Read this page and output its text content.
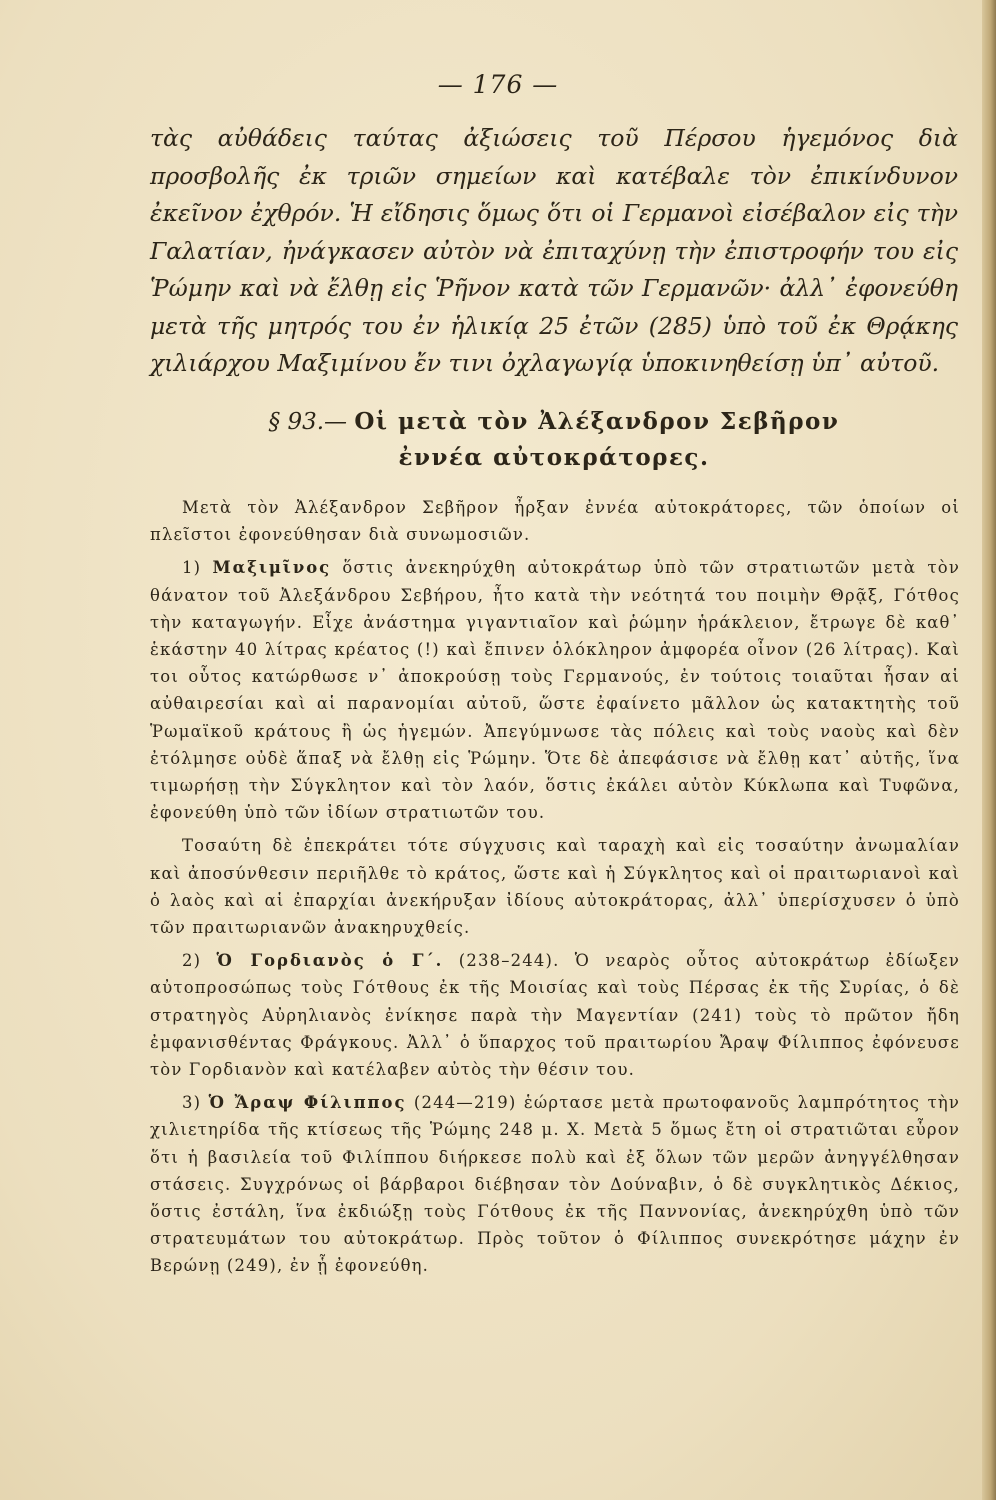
— 176 —

τὰς αὐθάδεις ταύτας ἀξιώσεις τοῦ Πέρσου ἡγεμόνος διὰ προσβολῆς ἐκ τριῶν σημείων καὶ κατέβαλε τὸν ἐπικίνδυνον ἐκεῖνον ἐχθρόν. Ἡ εἴδησις ὅμως ὅτι οἱ Γερμανοὶ εἰσέβαλον εἰς τὴν Γαλατίαν, ἠνάγκασεν αὐτὸν νὰ ἐπιταχύνῃ τὴν ἐπιστροφήν του εἰς Ῥώμην καὶ νὰ ἔλθῃ εἰς Ῥῆνον κατὰ τῶν Γερμανῶν· ἀλλ᾽ ἐφονεύθη μετὰ τῆς μητρός του ἐν ἡλικίᾳ 25 ἐτῶν (285) ὑπὸ τοῦ ἐκ Θρᾴκης χιλιάρχου Μαξιμίνου ἔν τινι ὀχλαγωγίᾳ ὑποκινηθείσῃ ὑπ᾽ αὐτοῦ.

§ 93.— Οἱ μετὰ τὸν Ἀλέξανδρον Σεβῆρον
ἐννέα αὐτοκράτορες.

Μετὰ τὸν Ἀλέξανδρον Σεβῆρον ἦρξαν ἐννέα αὐτοκράτορες, τῶν ὁποίων οἱ πλεῖστοι ἐφονεύθησαν διὰ συνωμοσιῶν.

1) Μαξιμῖνος ὅστις ἀνεκηρύχθη αὐτοκράτωρ ὑπὸ τῶν στρατιωτῶν μετὰ τὸν θάνατον τοῦ Ἀλεξάνδρου Σεβήρου, ἦτο κατὰ τὴν νεότητά του ποιμὴν Θρᾷξ, Γότθος τὴν καταγωγήν. Εἶχε ἀνάστημα γιγαντιαῖον καὶ ῥώμην ἡράκλειον, ἔτρωγε δὲ καθ᾽ ἑκάστην 40 λίτρας κρέατος (!) καὶ ἔπινεν ὁλόκληρον ἀμφορέα οἶνον (26 λίτρας). Καὶ τοι οὗτος κατώρθωσε ν᾽ ἀποκρούσῃ τοὺς Γερμανούς, ἐν τούτοις τοιαῦται ἦσαν αἱ αὐθαιρεσίαι καὶ αἱ παρανομίαι αὐτοῦ, ὥστε ἐφαίνετο μᾶλλον ὡς κατακτητὴς τοῦ Ῥωμαϊκοῦ κράτους ἢ ὡς ἡγεμών. Ἀπεγύμνωσε τὰς πόλεις καὶ τοὺς ναοὺς καὶ δὲν ἐτόλμησε οὐδὲ ἅπαξ νὰ ἔλθῃ εἰς Ῥώμην. Ὅτε δὲ ἀπεφάσισε νὰ ἔλθῃ κατ᾽ αὐτῆς, ἵνα τιμωρήσῃ τὴν Σύγκλητον καὶ τὸν λαόν, ὅστις ἐκάλει αὐτὸν Κύκλωπα καὶ Τυφῶνα, ἐφονεύθη ὑπὸ τῶν ἰδίων στρατιωτῶν του.

Τοσαύτη δὲ ἐπεκράτει τότε σύγχυσις καὶ ταραχὴ καὶ εἰς τοσαύτην ἀνωμαλίαν καὶ ἀποσύνθεσιν περιῆλθε τὸ κράτος, ὥστε καὶ ἡ Σύγκλητος καὶ οἱ πραιτωριανοὶ καὶ ὁ λαὸς καὶ αἱ ἐπαρχίαι ἀνεκήρυξαν ἰδίους αὐτοκράτορας, ἀλλ᾽ ὑπερίσχυσεν ὁ ὑπὸ τῶν πραιτωριανῶν ἀνακηρυχθείς.

2) Ὁ Γορδιανὸς ὁ Γ΄. (238–244). Ὁ νεαρὸς οὗτος αὐτοκράτωρ ἐδίωξεν αὐτοπροσώπως τοὺς Γότθους ἐκ τῆς Μοισίας καὶ τοὺς Πέρσας ἐκ τῆς Συρίας, ὁ δὲ στρατηγὸς Αὐρηλιανὸς ἐνίκησε παρὰ τὴν Μαγεντίαν (241) τοὺς τὸ πρῶτον ἤδη ἐμφανισθέντας Φράγκους. Ἀλλ᾽ ὁ ὕπαρχος τοῦ πραιτωρίου Ἄραψ Φίλιππος ἐφόνευσε τὸν Γορδιανὸν καὶ κατέλαβεν αὐτὸς τὴν θέσιν του.

3) Ὁ Ἄραψ Φίλιππος (244—219) ἑώρτασε μετὰ πρωτοφανοῦς λαμπρότητος τὴν χιλιετηρίδα τῆς κτίσεως τῆς Ῥώμης 248 μ. Χ. Μετὰ 5 ὅμως ἔτη οἱ στρατιῶται εὗρον ὅτι ἡ βασιλεία τοῦ Φιλίππου διήρκεσε πολὺ καὶ ἐξ ὅλων τῶν μερῶν ἀνηγγέλθησαν στάσεις. Συγχρόνως οἱ βάρβαροι διέβησαν τὸν Δούναβιν, ὁ δὲ συγκλητικὸς Δέκιος, ὅστις ἐστάλη, ἵνα ἐκδιώξῃ τοὺς Γότθους ἐκ τῆς Παννονίας, ἀνεκηρύχθη ὑπὸ τῶν στρατευμάτων του αὐτοκράτωρ. Πρὸς τοῦτον ὁ Φίλιππος συνεκρότησε μάχην ἐν Βερώνῃ (249), ἐν ᾗ ἐφονεύθη.
